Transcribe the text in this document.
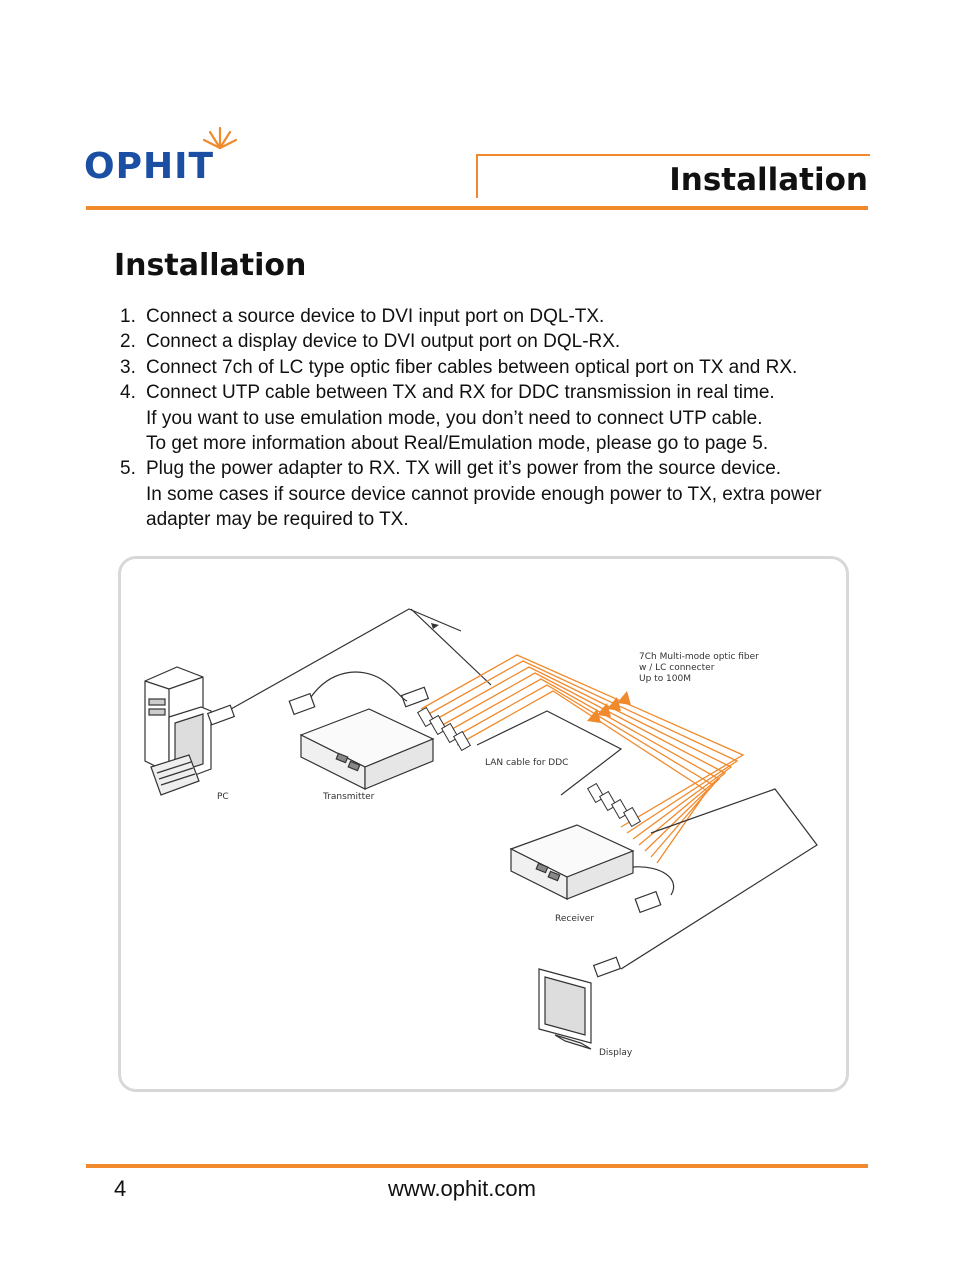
OPHIT	Installation
Installation
1. Connect a source device to DVI input port on DQL-TX.
2. Connect a display device to DVI output port on DQL-RX.
3. Connect 7ch of LC type optic fiber cables between optical port on TX and RX.
4. Connect UTP cable between TX and RX for DDC transmission in real time.
If you want to use emulation mode, you don’t need to connect UTP cable.
To get more information about Real/Emulation mode, please go to page 5.
5. Plug the power adapter to RX. TX will get it’s power from the source device.
In some cases if source device cannot provide enough power to TX, extra power
adapter may be required to TX.
PC	Transmitter
7Ch Multi-mode optic fiber
w / LC connecter
Up to 100M
LAN cable for DDC
Receiver
Display
4	www.ophit.com
